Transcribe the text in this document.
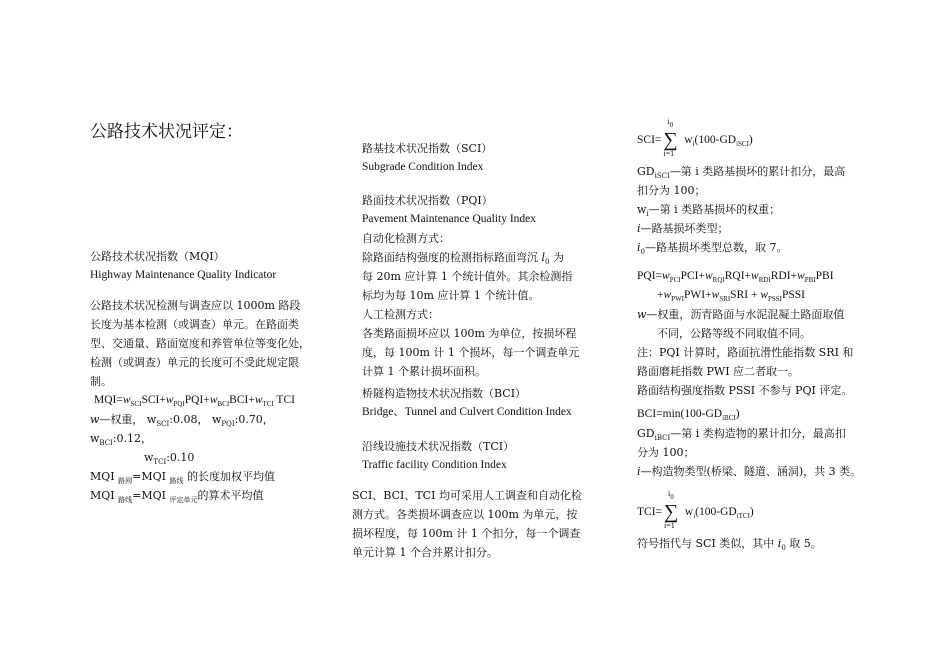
公路技术状况评定：
公路技术状况指数（MQI）
Highway Maintenance Quality Indicator
公路技术状况检测与调查应以 1000m 路段
长度为基本检测（或调查）单元。在路面类
型、交通量、路面宽度和养管单位等变化处，
检测（或调查）单元的长度可不受此规定限
制。
$MQI=w_{SCI}SCI+w_{PQI}PQI+w_{BCI}BCI+w_{TCI}$ TCI
w—权重， $w_{SCI}:0.08$， $w_{PQI}:0.70$， $w_{BCI}:0.12$，
$w_{TCI}:0.10$
MQI $_{路网}$=MQI $_{路线}$ 的长度加权平均值
MQI $_{路线}$=MQI $_{评定单元}$的算术平均值
路基技术状况指数（SCI）
Subgrade Condition Index
路面技术状况指数（PQI）
Pavement Maintenance Quality Index
自动化检测方式：
除路面结构强度的检测指标路面弯沉 $l_0$ 为
每 20m 应计算 1 个统计值外。其余检测指
标均为每 10m 应计算 1 个统计值。
人工检测方式：
各类路面损坏应以 100m 为单位，按损坏程
度，每 100m 计 1 个损坏，每一个调查单元
计算 1 个累计损坏面积。
桥隧构造物技术状况指数（BCI）
Bridge、Tunnel and Culvert Condition Index
沿线设施技术状况指数（TCI）
Traffic facility Condition Index
SCI、BCI、TCI 均可采用人工调查和自动化检
测方式。各类损坏调查应以 100m 为单元，按
损坏程度，每 100m 计 1 个扣分，每一个调查
单元计算 1 个合并累计扣分。
SCI=
$i_0$
∑
i=1
$w_i(100-GD_{iSCI})$
$GD_{iSCI}—$第 i 类路基损坏的累计扣分，最高
扣分为 100；
$w_i—$第 i 类路基损坏的权重；
i—路基损坏类型；
$i_0—$路基损坏类型总数，取 7。
$PQI=w_{PCI}PCI+w_{RQI}RQI+w_{RDI}RDI+w_{PBI}PBI$
$+w_{PWI}PWI+w_{SRI}SRI$ + $w_{PSSI}PSSI$
w—权重，沥青路面与水泥混凝土路面取值
不同，公路等级不同取值不同。
注：PQI 计算时，路面抗滑性能指数 SRI 和
路面磨耗指数 PWI 应二者取一。
路面结构强度指数 PSSI 不参与 PQI 评定。
$BCI=\min(100-GD_{iBCI})$
$GD_{iBCI}—$第 i 类构造物的累计扣分，最高扣
分为 100；
i—构造物类型(桥梁、隧道、涵洞)，共 3 类。
TCI=
$i_0$
∑
i=1
$w_i(100-GD_{iTCI})$
符号指代与 SCI 类似，其中 $i_0$ 取 5。
